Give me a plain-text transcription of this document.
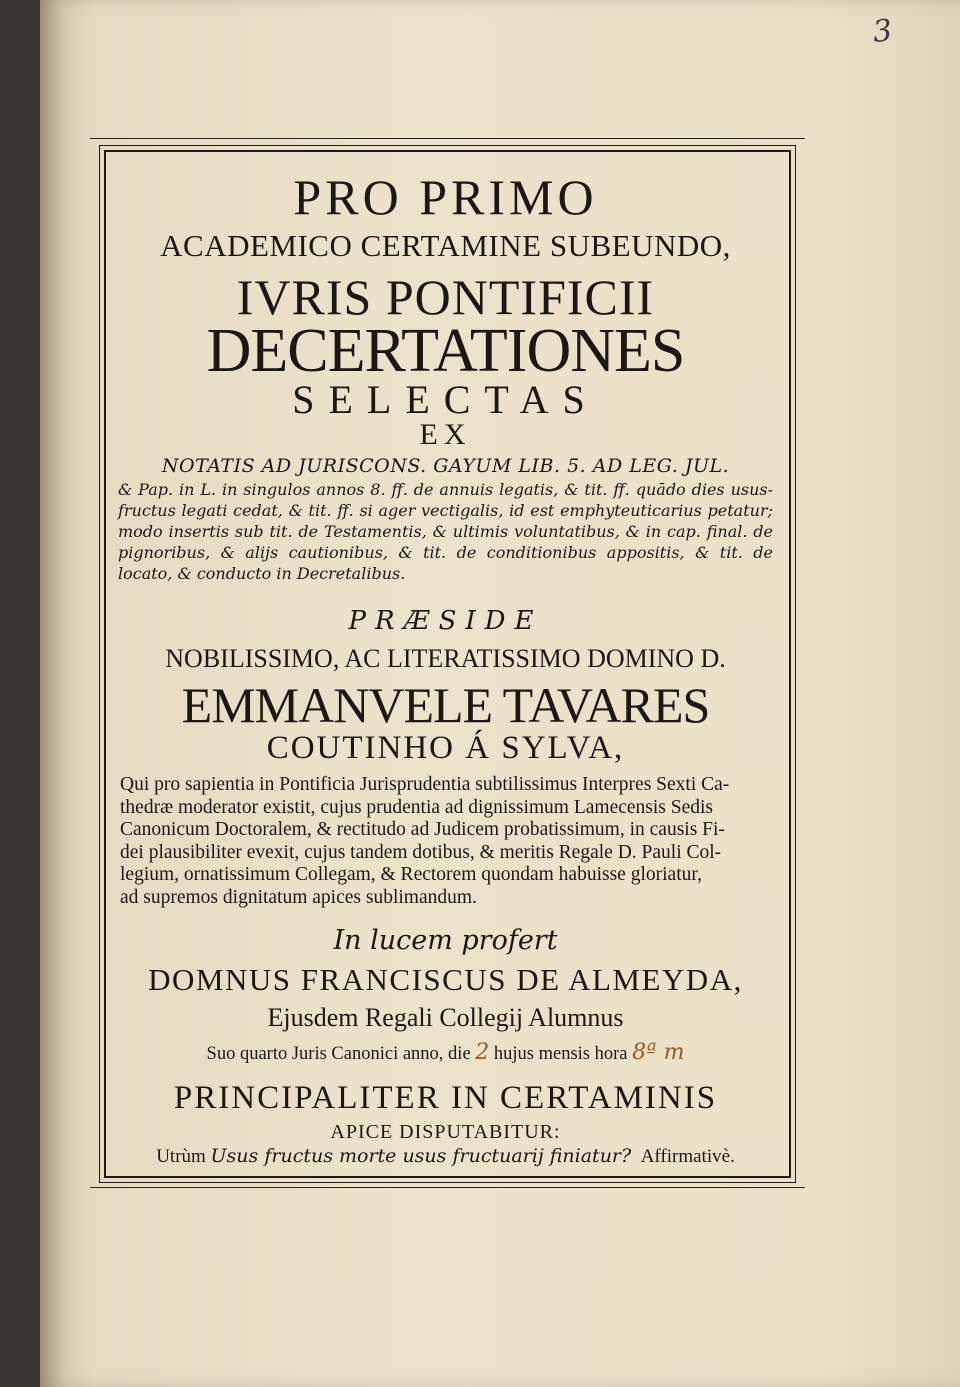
3
PRO PRIMO
ACADEMICO CERTAMINE SUBEUNDO,
IVRIS PONTIFICII
DECERTATIONES
SELECTAS
EX
NOTATIS AD JURISCONS. GAYUM LIB. 5. AD LEG. JUL.
& Pap. in L. in singulos annos 8. ff. de annuis legatis, & tit. ff. quādo dies usus- fructus legati cedat, & tit. ff. si ager vectigalis, id est emphyteuticarius petatur; modo insertis sub tit. de Testamentis, & ultimis voluntatibus, & in cap. final. de pignoribus, & alijs cautionibus, & tit. de conditionibus appositis, & tit. de locato, & conducto in Decretalibus.
PRÆSIDE
NOBILISSIMO, AC LITERATISSIMO DOMINO D.
EMMANVELE TAVARES
COUTINHO Á SYLVA,
Qui pro sapientia in Pontificia Jurisprudentia subtilissimus Interpres Sexti Ca-
thedræ moderator existit, cujus prudentia ad dignissimum Lamecensis Sedis
Canonicum Doctoralem, & rectitudo ad Judicem probatissimum, in causis Fi-
dei plausibiliter evexit, cujus tandem dotibus, & meritis Regale D. Pauli Col-
legium, ornatissimum Collegam, & Rectorem quondam habuisse gloriatur,
ad supremos dignitatum apices sublimandum.
In lucem profert
DOMNUS FRANCISCUS DE ALMEYDA,
Ejusdem Regali Collegij Alumnus
Suo quarto Juris Canonici anno, die 2 hujus mensis hora 8ª m
PRINCIPALITER IN CERTAMINIS
APICE DISPUTABITUR:
Utrùm Usus fructus morte usus fructuarij finiatur? Affirmativè.
